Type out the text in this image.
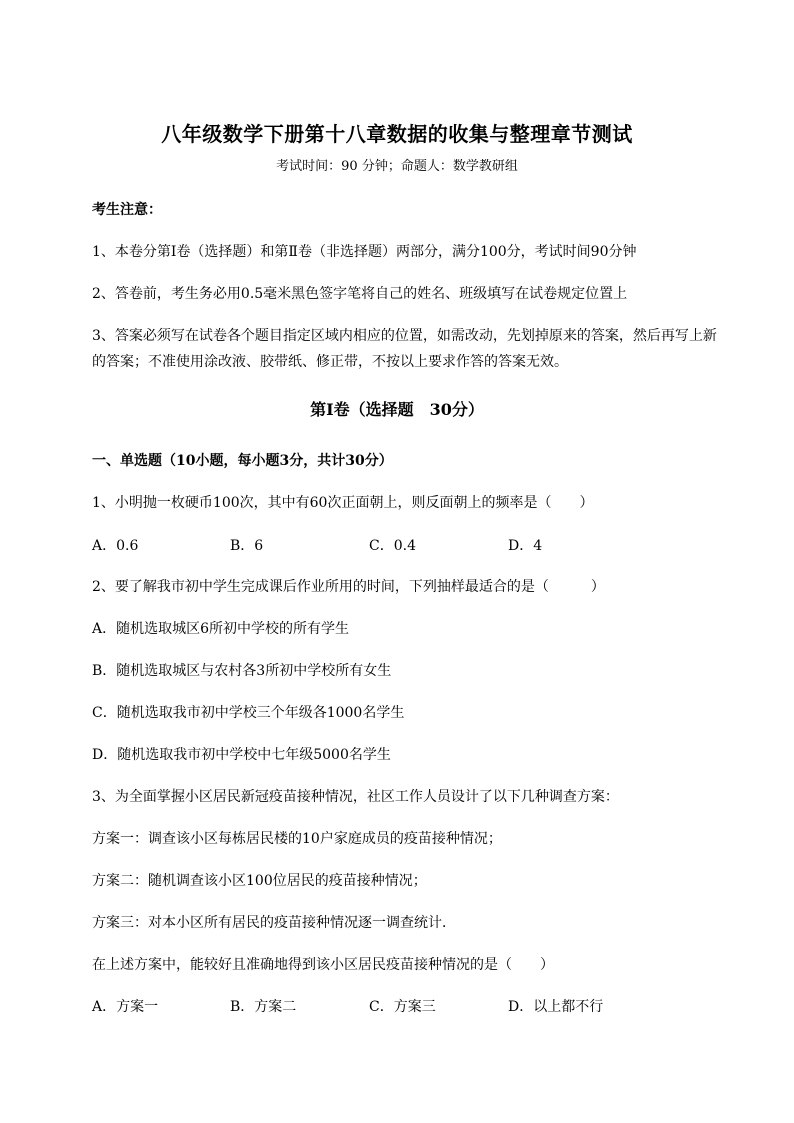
八年级数学下册第十八章数据的收集与整理章节测试
考试时间：90 分钟；命题人：数学教研组
考生注意：
1、本卷分第Ⅰ卷（选择题）和第Ⅱ卷（非选择题）两部分，满分100分，考试时间90分钟
2、答卷前，考生务必用0.5毫米黑色签字笔将自己的姓名、班级填写在试卷规定位置上
3、答案必须写在试卷各个题目指定区域内相应的位置，如需改动，先划掉原来的答案，然后再写上新
的答案；不准使用涂改液、胶带纸、修正带，不按以上要求作答的答案无效。
第Ⅰ卷（选择题　30分）
一、单选题（10小题，每小题3分，共计30分）
1、小明抛一枚硬币100次，其中有60次正面朝上，则反面朝上的频率是（　　）
A．0.6	B．6	C．0.4	D．4
2、要了解我市初中学生完成课后作业所用的时间，下列抽样最适合的是（　　　）
A．随机选取城区6所初中学校的所有学生
B．随机选取城区与农村各3所初中学校所有女生
C．随机选取我市初中学校三个年级各1000名学生
D．随机选取我市初中学校中七年级5000名学生
3、为全面掌握小区居民新冠疫苗接种情况，社区工作人员设计了以下几种调查方案：
方案一：调查该小区每栋居民楼的10户家庭成员的疫苗接种情况；
方案二：随机调查该小区100位居民的疫苗接种情况；
方案三：对本小区所有居民的疫苗接种情况逐一调查统计．
在上述方案中，能较好且准确地得到该小区居民疫苗接种情况的是（　　）
A．方案一	B．方案二	C．方案三	D．以上都不行
